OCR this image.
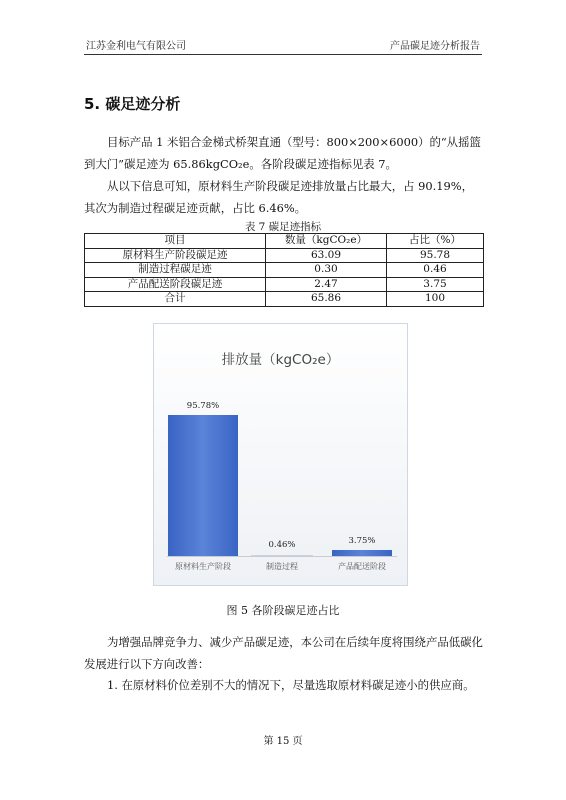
江苏金利电气有限公司	产品碳足迹分析报告
5. 碳足迹分析
目标产品 1 米铝合金梯式桥架直通（型号：800×200×6000）的“从摇篮到大门”碳足迹为 65.86kgCO₂e。各阶段碳足迹指标见表 7。
从以下信息可知，原材料生产阶段碳足迹排放量占比最大，占 90.19%，其次为制造过程碳足迹贡献，占比 6.46%。
表 7 碳足迹指标
项目	数量（kgCO₂e）	占比（%）
原材料生产阶段碳足迹	63.09	95.78
制造过程碳足迹	0.30	0.46
产品配送阶段碳足迹	2.47	3.75
合计	65.86	100
排放量（kgCO₂e）
95.78%
原材料生产阶段
0.46%
制造过程
3.75%
产品配送阶段
图 5 各阶段碳足迹占比
为增强品牌竞争力、减少产品碳足迹，本公司在后续年度将围绕产品低碳化发展进行以下方向改善：
1. 在原材料价位差别不大的情况下，尽量选取原材料碳足迹小的供应商。
第 15 页
